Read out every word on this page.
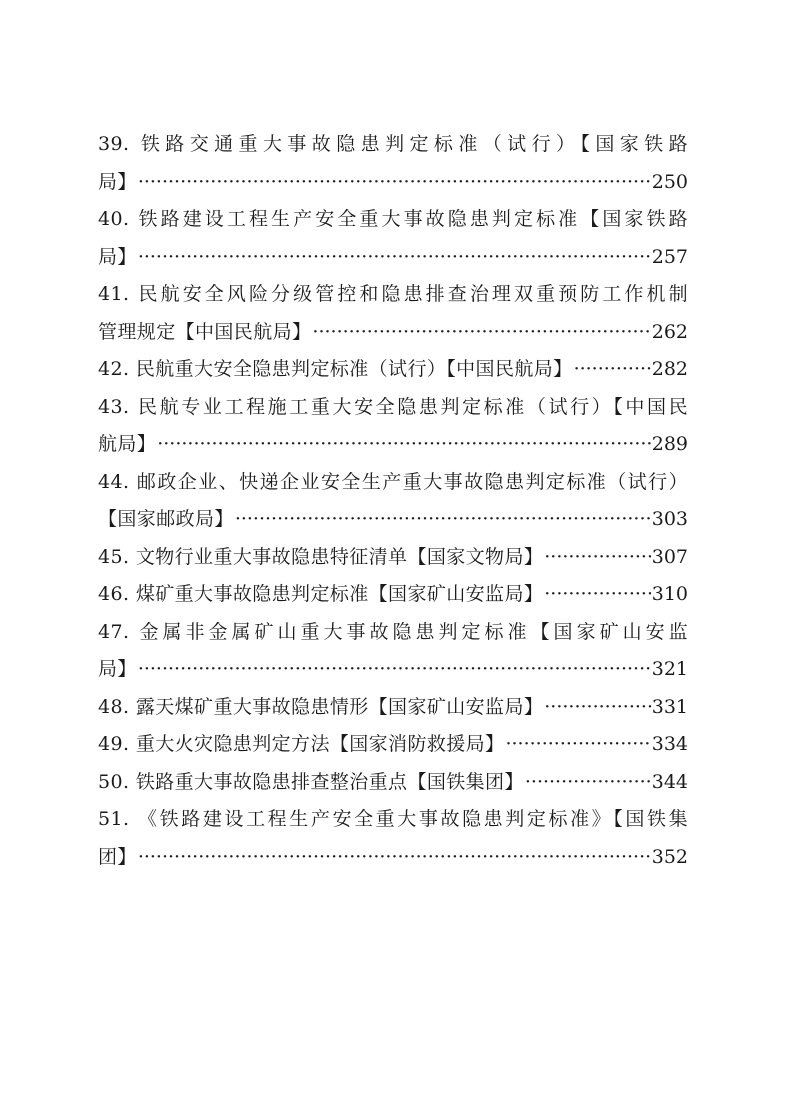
39. 铁路交通重大事故隐患判定标准（试行）【国家铁路
局】 ·····	250
40. 铁路建设工程生产安全重大事故隐患判定标准【国家铁路
局】 ·····	257
41. 民航安全风险分级管控和隐患排查治理双重预防工作机制
管理规定【中国民航局】 ·····	262
42. 民航重大安全隐患判定标准（试行）【中国民航局】 ·····	282
43. 民航专业工程施工重大安全隐患判定标准（试行）【中国民
航局】 ·····	289
44. 邮政企业、快递企业安全生产重大事故隐患判定标准（试行）
【国家邮政局】 ·····	303
45. 文物行业重大事故隐患特征清单【国家文物局】 ·····	307
46. 煤矿重大事故隐患判定标准【国家矿山安监局】 ·····	310
47. 金属非金属矿山重大事故隐患判定标准【国家矿山安监
局】 ·····	321
48. 露天煤矿重大事故隐患情形【国家矿山安监局】 ·····	331
49. 重大火灾隐患判定方法【国家消防救援局】 ·····	334
50. 铁路重大事故隐患排查整治重点【国铁集团】 ·····	344
51. 《铁路建设工程生产安全重大事故隐患判定标准》【国铁集
团】 ·····	352
